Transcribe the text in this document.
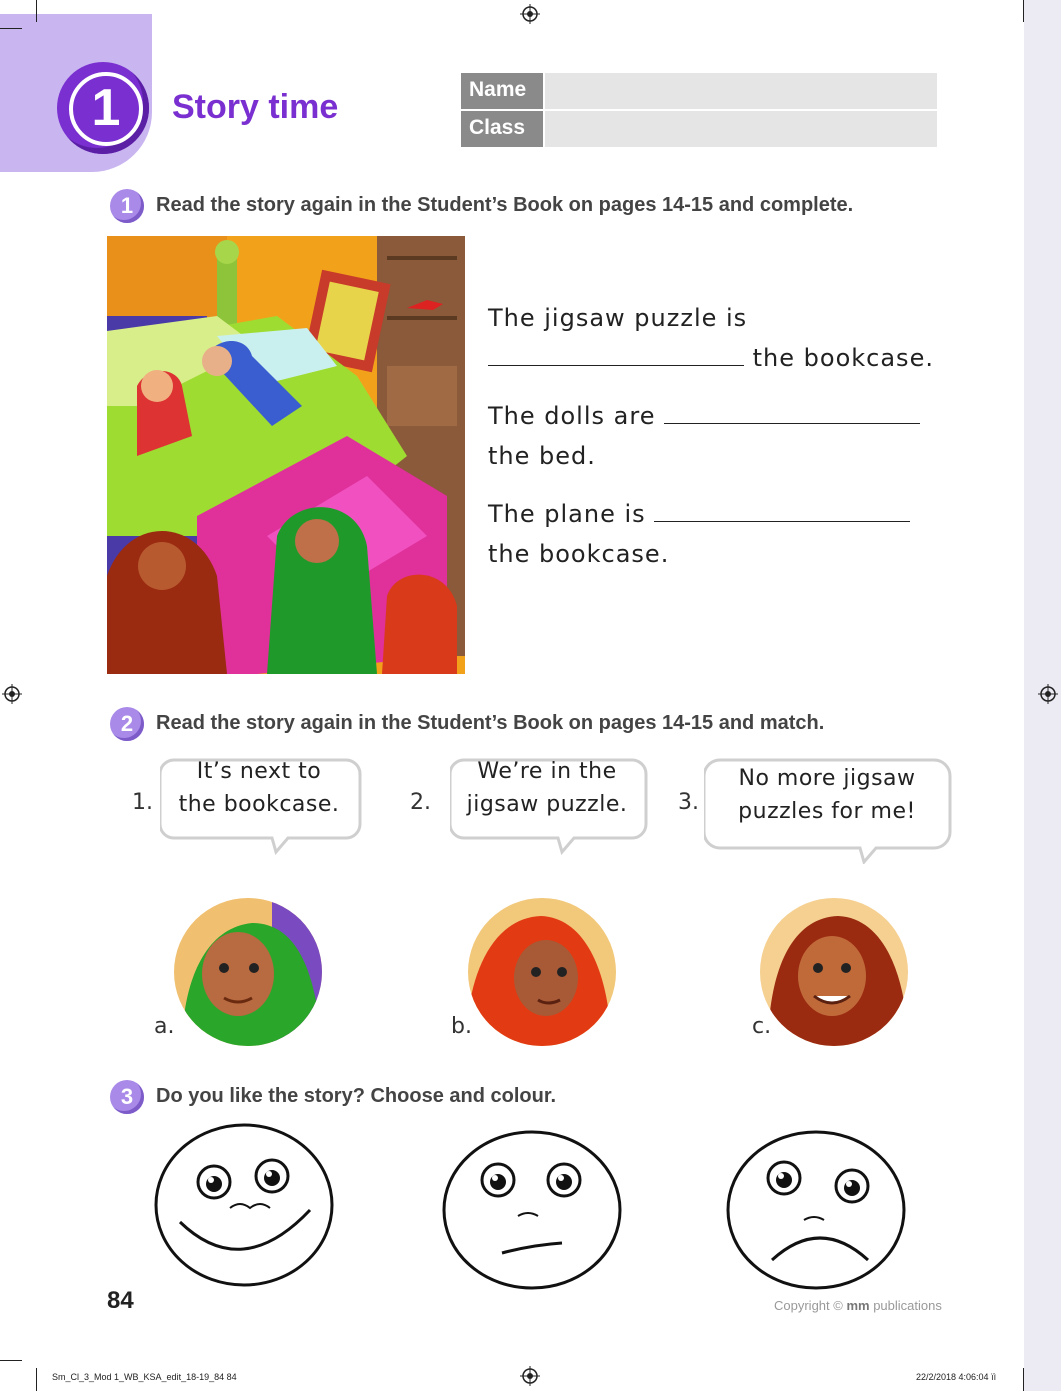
1	Story time	Name
Class
1	Read the story again in the Student’s Book on pages 14-15 and complete.
The jigsaw puzzle is
the bookcase.
The dolls are
the bed.
The plane is
the bookcase.
2	Read the story again in the Student’s Book on pages 14-15 and match.
1.
It’s next to
the bookcase.	2.
We’re in the
jigsaw puzzle.	3.
No more jigsaw
puzzles for me!
a.	b.	c.
3	Do you like the story? Choose and colour.
84	Copyright © mm publications
Sm_Cl_3_Mod 1_WB_KSA_edit_18-19_84 84	22/2/2018 4:06:04 ïì
